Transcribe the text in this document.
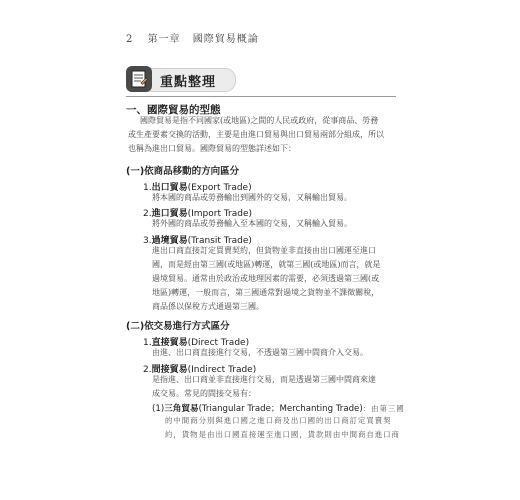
2 第一章 國際貿易概論
重點整理
一、國際貿易的型態
國際貿易是指不同國家(或地區)之間的人民或政府，從事商品、勞務
或生產要素交換的活動，主要是由進口貿易與出口貿易兩部分組成，所以
也稱為進出口貿易。國際貿易的型態詳述如下：
(一)依商品移動的方向區分
1.出口貿易(Export Trade)
將本國的商品或勞務輸出到國外的交易，又稱輸出貿易。
2.進口貿易(Import Trade)
將外國的商品或勞務輸入至本國的交易，又稱輸入貿易。
3.過境貿易(Transit Trade)
進出口商直接訂定買賣契約，但貨物並非直接由出口國運至進口
國，而是經由第三國(或地區)轉運，就第三國(或地區)而言，就是
過境貿易。通常由於政治或地理因素的需要，必須透過第三國(或
地區)轉運，一般而言，第三國通常對過境之貨物並不課徵關稅，
商品係以保稅方式通過第三國。
(二)依交易進行方式區分
1.直接貿易(Direct Trade)
由進、出口商直接進行交易，不透過第三國中間商介入交易。
2.間接貿易(Indirect Trade)
是指進、出口商並非直接進行交易，而是透過第三國中間商來達
成交易。常見的間接交易有：
(1)三角貿易(Triangular Trade；Merchanting Trade)：由第三國
的中間商分別與進口國之進口商及出口國的出口商訂定買賣契
約，貨物是由出口國直接運至進口國，貨款則由中間商自進口商
